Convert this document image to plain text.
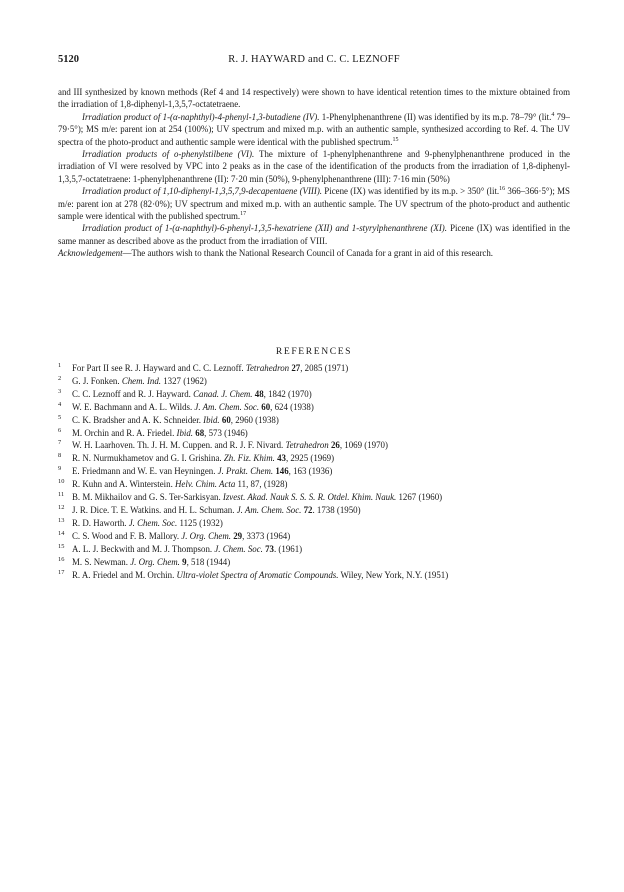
5120	R. J. HAYWARD and C. C. LEZNOFF

and III synthesized by known methods (Ref 4 and 14 respectively) were shown to have identical retention times to the mixture obtained from the irradiation of 1,8-diphenyl-1,3,5,7-octatetraene.

Irradiation product of 1-(α-naphthyl)-4-phenyl-1,3-butadiene (IV). 1-Phenylphenanthrene (II) was identified by its m.p. 78–79° (lit.$^4$ 79–79·5°); MS m/e: parent ion at 254 (100%); UV spectrum and mixed m.p. with an authentic sample, synthesized according to Ref. 4. The UV spectra of the photo-product and authentic sample were identical with the published spectrum.$^{15}$

Irradiation products of o-phenylstilbene (VI). The mixture of 1-phenylphenanthrene and 9-phenylphenanthrene produced in the irradiation of VI were resolved by VPC into 2 peaks as in the case of the identification of the products from the irradiation of 1,8-diphenyl-1,3,5,7-octatetraene: 1-phenylphenanthrene (II): 7·20 min (50%), 9-phenylphenanthrene (III): 7·16 min (50%)

Irradiation product of 1,10-diphenyl-1,3,5,7,9-decapentaene (VIII). Picene (IX) was identified by its m.p. > 350° (lit.$^{16}$ 366–366·5°); MS m/e: parent ion at 278 (82·0%); UV spectrum and mixed m.p. with an authentic sample. The UV spectrum of the photo-product and authentic sample were identical with the published spectrum.$^{17}$

Irradiation product of 1-(α-naphthyl)-6-phenyl-1,3,5-hexatriene (XII) and 1-styrylphenanthrene (XI). Picene (IX) was identified in the same manner as described above as the product from the irradiation of VIII.

Acknowledgement—The authors wish to thank the National Research Council of Canada for a grant in aid of this research.

REFERENCES
1 For Part II see R. J. Hayward and C. C. Leznoff. Tetrahedron 27, 2085 (1971)
2 G. J. Fonken. Chem. Ind. 1327 (1962)
3 C. C. Leznoff and R. J. Hayward. Canad. J. Chem. 48, 1842 (1970)
4 W. E. Bachmann and A. L. Wilds. J. Am. Chem. Soc. 60, 624 (1938)
5 C. K. Bradsher and A. K. Schneider. Ibid. 60, 2960 (1938)
6 M. Orchin and R. A. Friedel. Ibid. 68, 573 (1946)
7 W. H. Laarhoven. Th. J. H. M. Cuppen. and R. J. F. Nivard. Tetrahedron 26, 1069 (1970)
8 R. N. Nurmukhametov and G. I. Grishina. Zh. Fiz. Khim. 43, 2925 (1969)
9 E. Friedmann and W. E. van Heyningen. J. Prakt. Chem. 146, 163 (1936)
10 R. Kuhn and A. Winterstein. Helv. Chim. Acta 11, 87, (1928)
11 B. M. Mikhailov and G. S. Ter-Sarkisyan. Izvest. Akad. Nauk S. S. S. R. Otdel. Khim. Nauk. 1267 (1960)
12 J. R. Dice. T. E. Watkins. and H. L. Schuman. J. Am. Chem. Soc. 72. 1738 (1950)
13 R. D. Haworth. J. Chem. Soc. 1125 (1932)
14 C. S. Wood and F. B. Mallory. J. Org. Chem. 29, 3373 (1964)
15 A. L. J. Beckwith and M. J. Thompson. J. Chem. Soc. 73. (1961)
16 M. S. Newman. J. Org. Chem. 9, 518 (1944)
17 R. A. Friedel and M. Orchin. Ultra-violet Spectra of Aromatic Compounds. Wiley, New York, N.Y. (1951)
